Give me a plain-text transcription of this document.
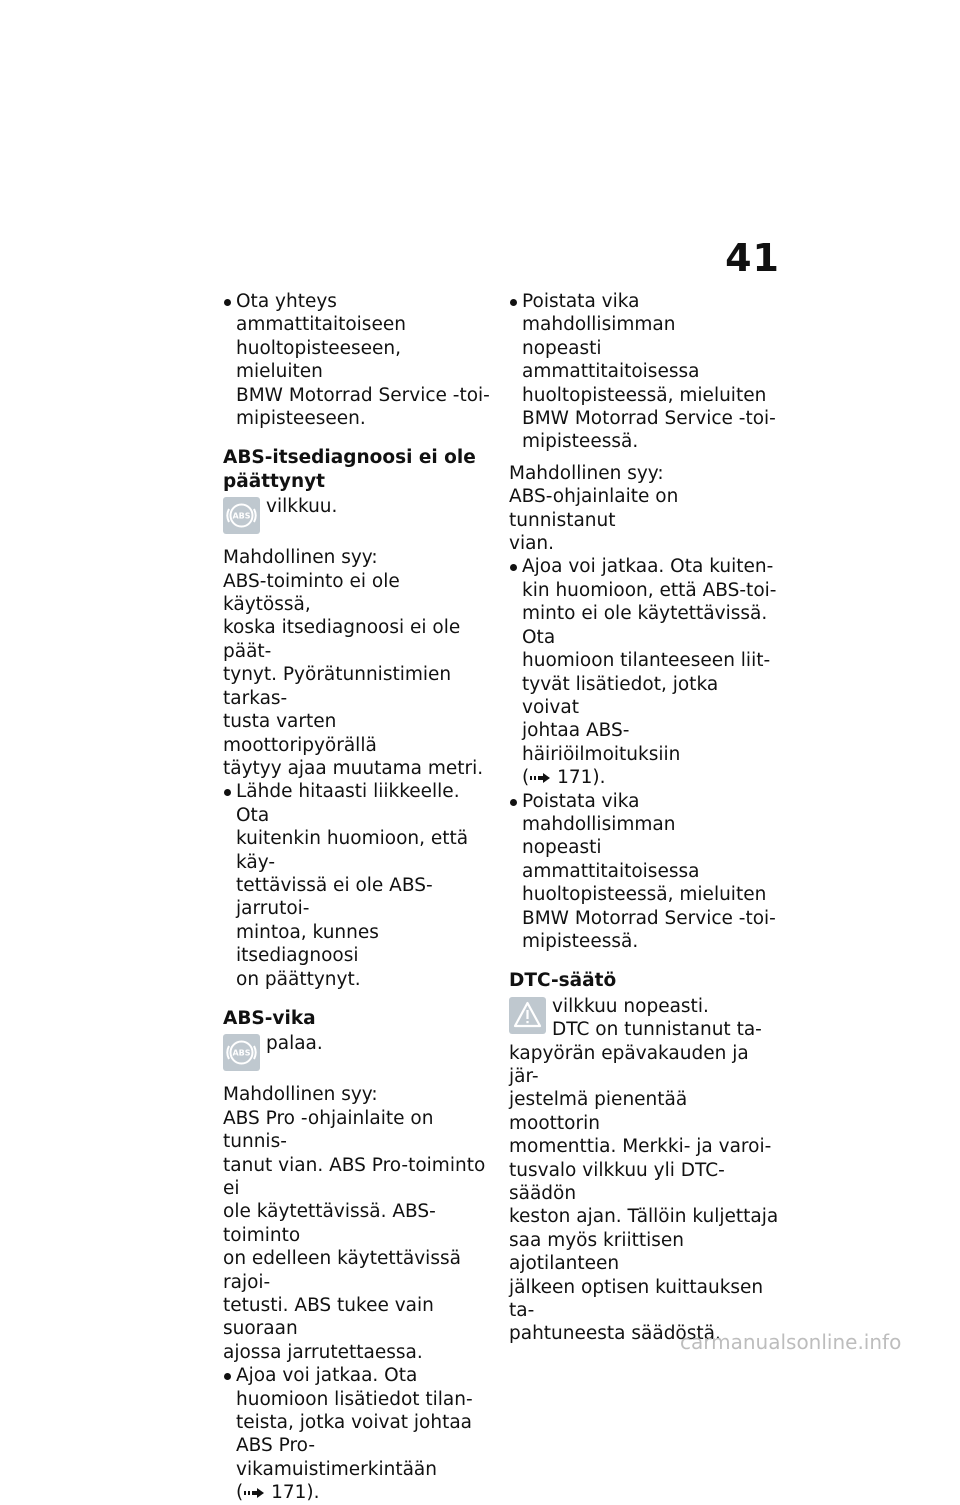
41

Ota yhteys ammattitaitoiseen

huoltopisteeseen, mieluiten

BMW Motorrad Service -toi-

mipisteeseen.

ABS-itsediagnoosi ei ole

päättynyt

ABS vilkkuu.

Mahdollinen syy:

ABS-toiminto ei ole käytössä,

koska itsediagnoosi ei ole päät-

tynyt. Pyörätunnistimien tarkas-

tusta varten moottoripyörällä

täytyy ajaa muutama metri.

Lähde hitaasti liikkeelle. Ota

kuitenkin huomioon, että käy-

tettävissä ei ole ABS-jarrutoi-

mintoa, kunnes itsediagnoosi

on päättynyt.

ABS-vika
ABS palaa.

Mahdollinen syy:

ABS Pro -ohjainlaite on tunnis-

tanut vian. ABS Pro-toiminto ei

ole käytettävissä. ABS-toiminto

on edelleen käytettävissä rajoi-

tetusti. ABS tukee vain suoraan

ajossa jarrutettaessa.

Ajoa voi jatkaa. Ota

huomioon lisätiedot tilan-

teista, jotka voivat johtaa

ABS Pro-vikamuistimerkintään

( 171).

Poistata vika mahdollisimman

nopeasti ammattitaitoisessa

huoltopisteessä, mieluiten

BMW Motorrad Service -toi-

mipisteessä.

Mahdollinen syy:

ABS-ohjainlaite on tunnistanut

vian.

Ajoa voi jatkaa. Ota kuiten-

kin huomioon, että ABS-toi-

minto ei ole käytettävissä. Ota

huomioon tilanteeseen liit-

tyvät lisätiedot, jotka voivat

johtaa ABS-häiriöilmoituksiin

( 171).

Poistata vika mahdollisimman

nopeasti ammattitaitoisessa

huoltopisteessä, mieluiten

BMW Motorrad Service -toi-

mipisteessä.

DTC-säätö

vilkkuu nopeasti.

DTC on tunnistanut ta-

kapyörän epävakauden ja jär-

jestelmä pienentää moottorin

momenttia. Merkki- ja varoi-

tusvalo vilkkuu yli DTC-säädön

keston ajan. Tällöin kuljettaja

saa myös kriittisen ajotilanteen

jälkeen optisen kuittauksen ta-

pahtuneesta säädöstä.

carmanualsonline.info
